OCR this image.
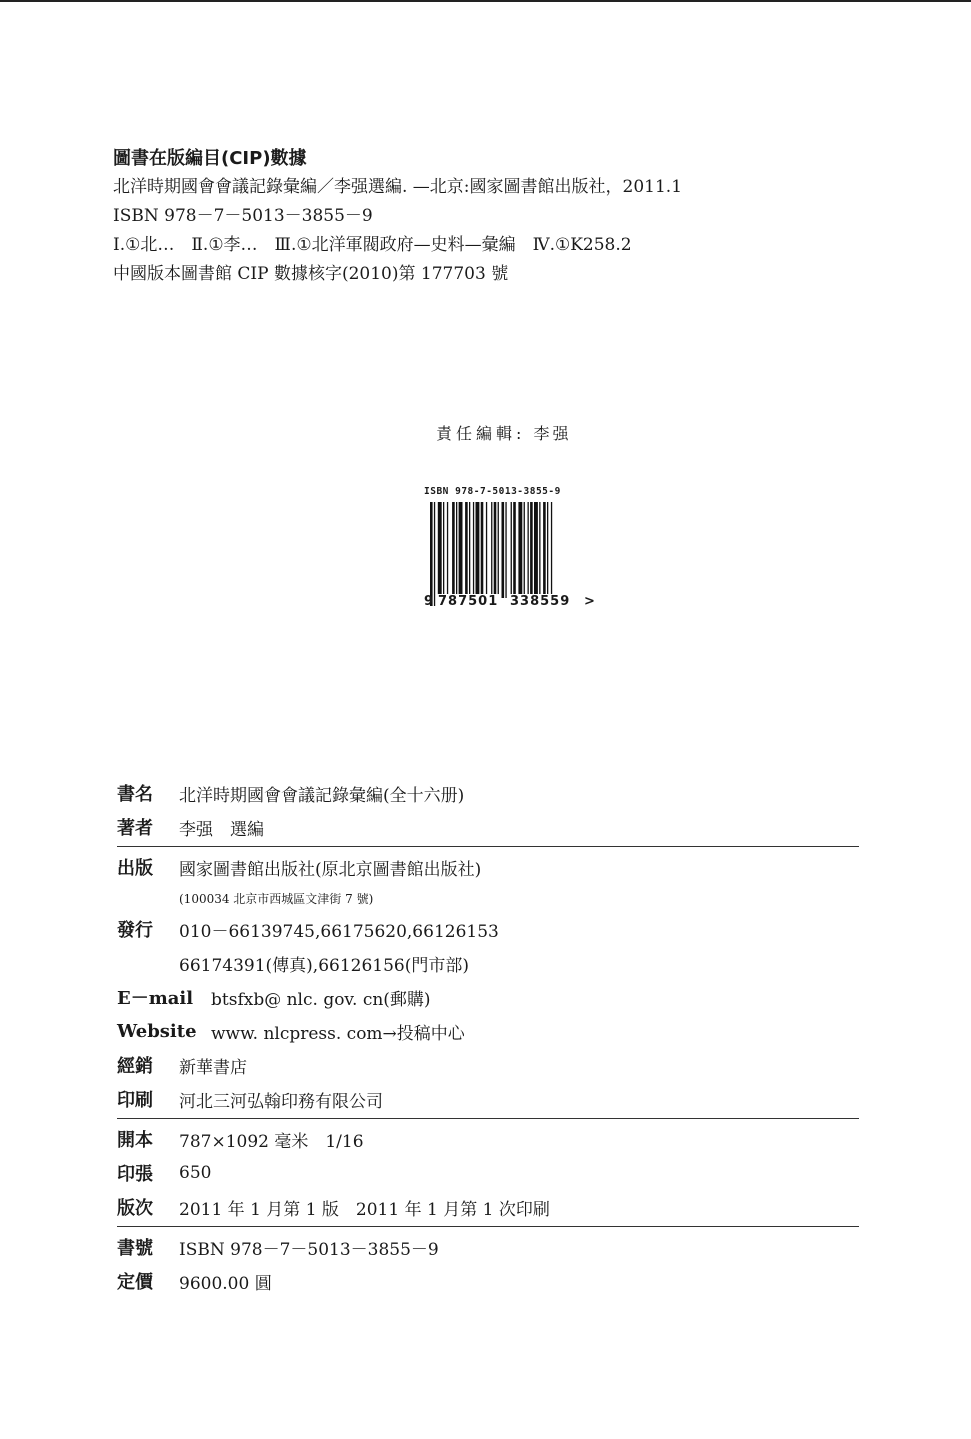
圖書在版編目(CIP)數據
北洋時期國會會議記錄彙編／李强選編. —北京:國家圖書館出版社，2011.1
ISBN 978－7－5013－3855－9
Ⅰ.①北…　Ⅱ.①李…　Ⅲ.①北洋軍閥政府—史料—彙編　Ⅳ.①K258.2
中國版本圖書館 CIP 數據核字(2010)第 177703 號
責任編輯: 李强
ISBN 978-7-5013-3855-9
9 787501 338559 >
書名	北洋時期國會會議記錄彙編(全十六册)
著者	李强　選編
出版	國家圖書館出版社(原北京圖書館出版社)
(100034 北京市西城區文津街 7 號)
發行	010－66139745,66175620,66126153
66174391(傳真),66126156(門市部)
E－mail	btsfxb@ nlc. gov. cn(郵購)
Website www. nlcpress. com→投稿中心
經銷	新華書店
印刷	河北三河弘翰印務有限公司
開本	787×1092 毫米　1/16
印張	650
版次	2011 年 1 月第 1 版　2011 年 1 月第 1 次印刷
書號	ISBN 978－7－5013－3855－9
定價	9600.00 圓
